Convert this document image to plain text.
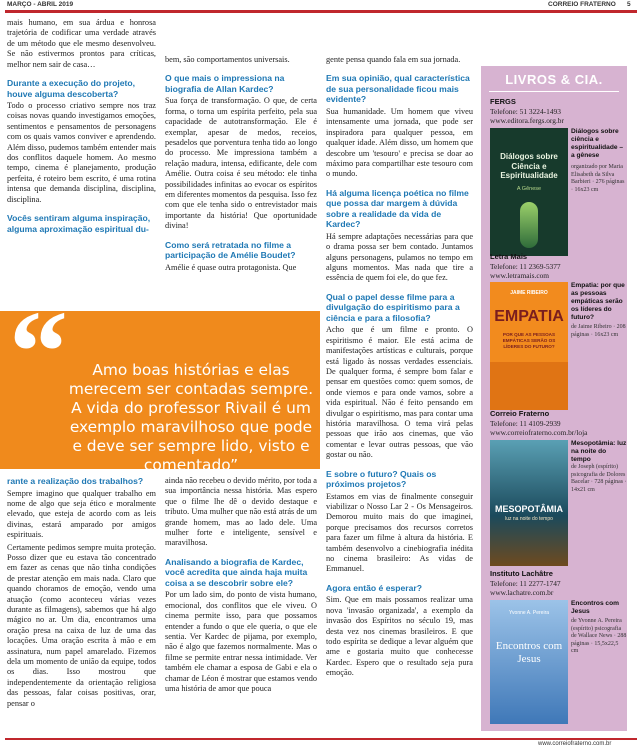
MARÇO - ABRIL 2019	CORREIO FRATERNO 5

mais humano, em sua árdua e honrosa trajetória de codificar uma verdade através de um método que ele mesmo desenvolveu. Se não estivermos prontos para críticas, melhor nem sair de casa…

Durante a execução do projeto, houve alguma descoberta?

Todo o processo criativo sempre nos traz coisas novas quando investigamos emoções, sentimentos e pensamentos de personagens com os quais vamos conviver e aprendendo. Além disso, pudemos também entender mais dos conflitos daquele homem. Ao mesmo tempo, cinema é planejamento, produção perfeita, é roteiro bem escrito, é uma rotina intensa que demanda disciplina, disciplina, disciplina.

Vocês sentiram alguma inspiração, alguma aproximação espiritual du-
rante a realização dos trabalhos?

Sempre imagino que qualquer trabalho em nome de algo que seja ético e moralmente elevado, que esteja de acordo com as leis divinas, estará amparado por amigos espirituais.

Certamente pedimos sempre muita proteção. Posso dizer que eu estava tão concentrado em fazer as cenas que não tinha condições de prestar atenção em mais nada. Claro que quando choramos de emoção, vendo uma atuação (como aconteceu várias vezes durante as filmagens), sabemos que há algo mágico no ar. Um dia, encontramos uma oração presa na caixa de luz de uma das locações. Uma oração escrita à mão e em assinatura, num papel amarelado. Fizemos dela um momento de união da equipe, todos os dias. Isso mostrou que independentemente da orientação religiosa das pessoas, falar coisas positivas, orar, pensar o

bem, são comportamentos universais.

O que mais o impressiona na biografia de Allan Kardec?

Sua força de transformação. O que, de certa forma, o torna um espírita perfeito, pela sua capacidade de autotransformação. Ele é exemplar, apesar de medos, receios, pesadelos que porventura tenha tido ao longo do processo. Me impressiona também a relação madura, intensa, edificante, dele com Amélie. Outra coisa é seu método: ele tinha possibilidades infinitas ao evocar os espíritos em diferentes momentos da pesquisa. Isso fez com que ele tenha sido o entrevistador mais importante da história! Que oportunidade divina!

Como será retratada no filme a participação de Amélie Boudet?

Amélie é quase outra protagonista. Que

ainda não recebeu o devido mérito, por toda a sua importância nessa história. Mas espero que o filme lhe dê o devido destaque e tributo. Uma mulher que não está atrás de um grande homem, mas ao lado dele. Uma mulher forte e inteligente, sensível e maravilhosa.

Analisando a biografia de Kardec, você acredita que ainda haja muita coisa a se descobrir sobre ele?

Por um lado sim, do ponto de vista humano, emocional, dos conflitos que ele viveu. O cinema permite isso, para que possamos entender a fundo o que ele queria, o que ele sentia. Ver Kardec de pijama, por exemplo, não é algo que fazemos normalmente. Mas o filme se permite entrar nessa intimidade. Ver também ele chamar a esposa de Gabi e ela o chamar de Léon é mostrar que estamos vendo uma história de amor que pouca

gente pensa quando fala em sua jornada.

Em sua opinião, qual característica de sua personalidade ficou mais evidente?

Sua humanidade. Um homem que viveu intensamente uma jornada, que pode ser inspiradora para qualquer pessoa, em qualquer idade. Além disso, um homem que descobre um 'tesouro' e precisa se doar ao máximo para compartilhar este tesouro com o mundo.

Há alguma licença poética no filme que possa dar margem à dúvida sobre a realidade da vida de Kardec?

Há sempre adaptações necessárias para que o drama possa ser bem contado. Juntamos alguns personagens, pulamos no tempo em alguns momentos. Mas nada que tire a essência de quem foi ele, do que fez.

Qual o papel desse filme para a divulgação do espiritismo para a ciência e para a filosofia?

Acho que é um filme e pronto. O espiritismo é maior. Ele está acima de manifestações artísticas e culturais, porque está ligado às nossas verdades essenciais. De qualquer forma, é sempre bom falar e pensar em questões como: quem somos, de onde viemos e para onde vamos, sobre a vida espiritual. Não é feito pensando em divulgar o espiritismo, mas para contar uma história maravilhosa. O tema virá pelas pessoas que irão aos cinemas, que vão comentar e levar outras pessoas, que vão gostar ou não.

E sobre o futuro? Quais os próximos projetos?

Estamos em vias de finalmente conseguir viabilizar o Nosso Lar 2 - Os Mensageiros. Demorou muito mais do que imaginei, porque precisamos dos recursos corretos para fazer um filme à altura da história. E também desenvolvo a cinebiografia inédita no cinema brasileiro: As vidas de Emmanuel.

Agora então é esperar?

Sim. Que em mais possamos realizar uma nova 'invasão organizada', a exemplo da invasão dos Espíritos no século 19, mas desta vez nos cinemas brasileiros. E que todo espírita se dedique a levar alguém que ame e gostaria muito que conhecesse Kardec. Espero que o resultado seja pura emoção.

“	Amo boas histórias e elas merecem ser contadas sempre. A vida do professor Rivail é um exemplo maravilhoso que pode e deve ser sempre lido, visto e comentado”
LIVROS & CIA.
FERGS
Telefone: 51 3224-1493
www.editora.fergs.org.br
Diálogos sobre Ciência e Espiritualidade
A Gênese
Diálogos sobre ciência e espiritualidade – a gênese
organizado por Maria Elisabeth da Silva Barbieri · 276 páginas · 16x23 cm
Letra Mais
Telefone: 11 2369-5377
www.letramais.com
JAIME RIBEIRO
EMPATIA
POR QUE AS PESSOAS EMPÁTICAS SERÃO OS LÍDERES DO FUTURO?
Empatia: por que as pessoas empáticas serão os líderes do futuro?
de Jaime Ribeiro · 208 páginas · 16x23 cm
Correio Fraterno
Telefone: 11 4109-2939
www.correiofraterno.com.br/loja
MESOPOTÂMIA
luz na noite do tempo
Mesopotâmia: luz na noite do tempo
de Joseph (espírito) psicografia de Dolores Bacelar · 728 páginas · 14x21 cm
Instituto Lachâtre
Telefone: 11 2277-1747
www.lachatre.com.br
Yvonne A. Pereira
Encontros com Jesus
Encontros com Jesus
de Yvonne A. Pereira (espírito) psicografia de Wallace News · 288 páginas · 15,5x22,5 cm
www.correiofraterno.com.br
